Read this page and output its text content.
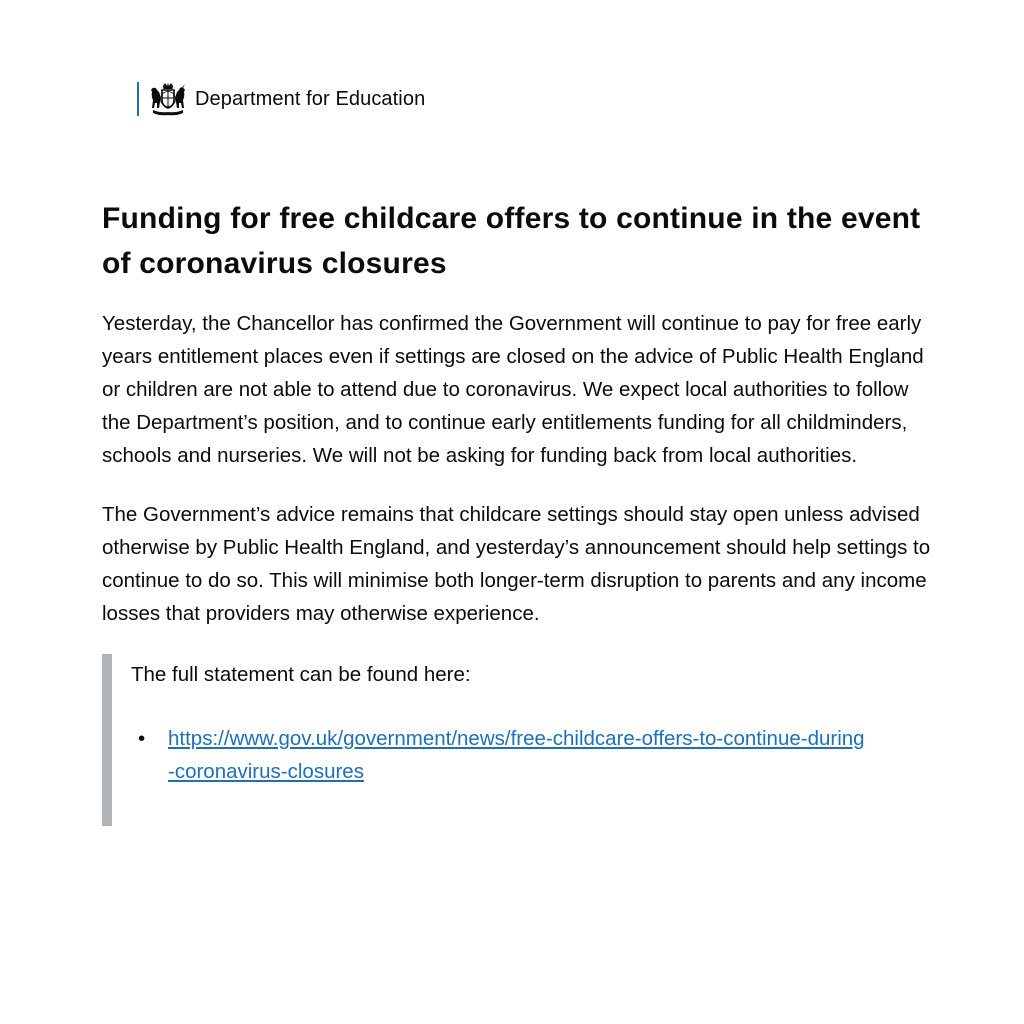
Department for Education
Funding for free childcare offers to continue in the event of coronavirus closures

Yesterday, the Chancellor has confirmed the Government will continue to pay for free early years entitlement places even if settings are closed on the advice of Public Health England or children are not able to attend due to coronavirus. We expect local authorities to follow the Department’s position, and to continue early entitlements funding for all childminders, schools and nurseries. We will not be asking for funding back from local authorities.

The Government’s advice remains that childcare settings should stay open unless advised otherwise by Public Health England, and yesterday’s announcement should help settings to continue to do so. This will minimise both longer-term disruption to parents and any income losses that providers may otherwise experience.

The full statement can be found here:

• https://www.gov.uk/government/news/free-childcare-offers-to-continue-during-coronavirus-closures
